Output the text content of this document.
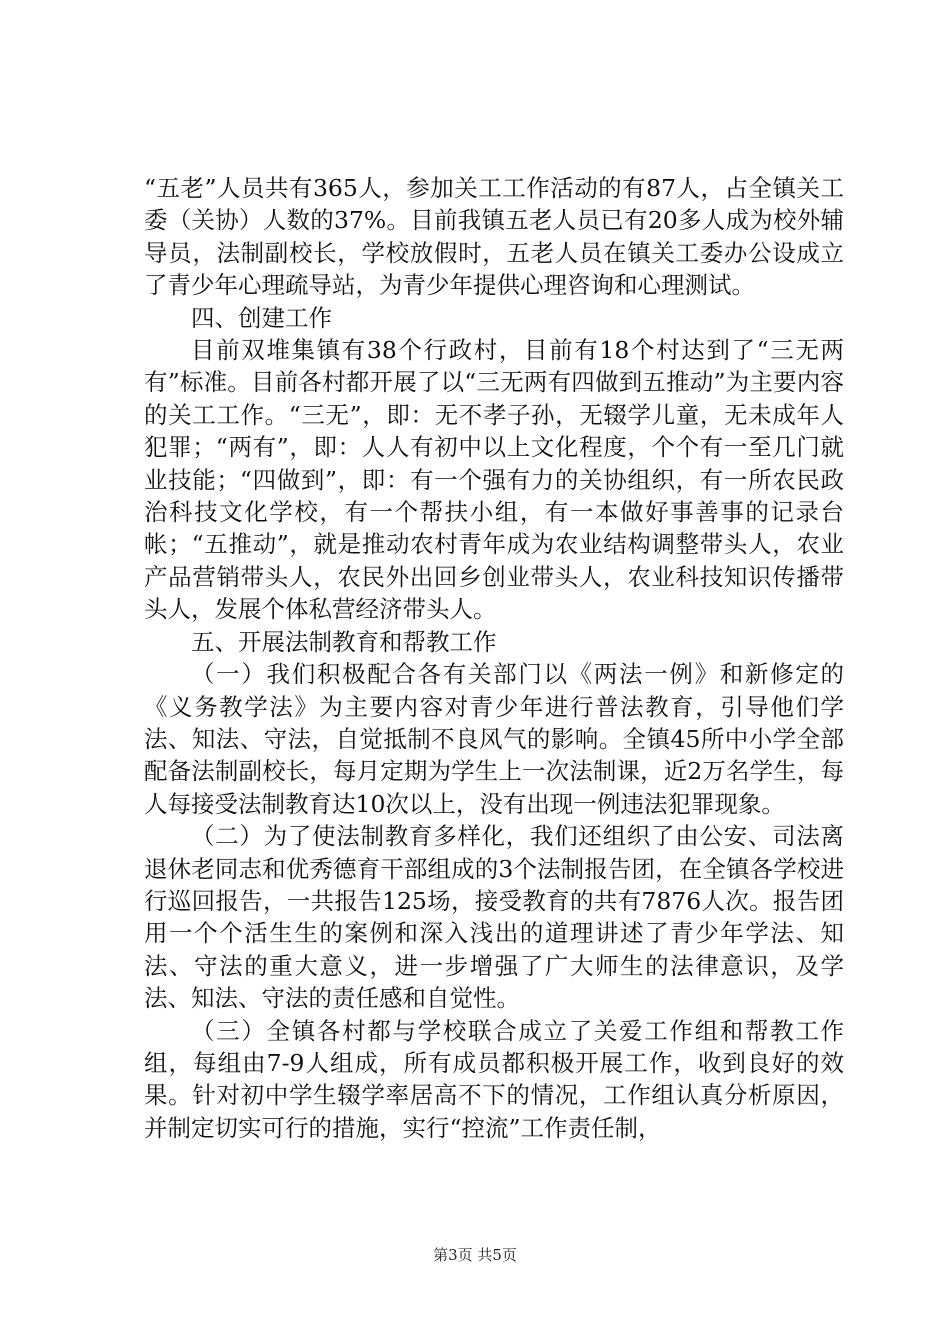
“五老”人员共有365人，参加关工工作活动的有87人，占全镇关工委（关协）人数的37%。目前我镇五老人员已有20多人成为校外辅导员，法制副校长，学校放假时，五老人员在镇关工委办公设成立了青少年心理疏导站，为青少年提供心理咨询和心理测试。

四、创建工作

目前双堆集镇有38个行政村，目前有18个村达到了“三无两有”标准。目前各村都开展了以“三无两有四做到五推动”为主要内容的关工工作。“三无”，即：无不孝子孙，无辍学儿童，无未成年人犯罪；“两有”，即：人人有初中以上文化程度，个个有一至几门就业技能；“四做到”，即：有一个强有力的关协组织，有一所农民政治科技文化学校，有一个帮扶小组，有一本做好事善事的记录台帐；“五推动”，就是推动农村青年成为农业结构调整带头人，农业产品营销带头人，农民外出回乡创业带头人，农业科技知识传播带头人，发展个体私营经济带头人。

五、开展法制教育和帮教工作

（一）我们积极配合各有关部门以《两法一例》和新修定的《义务教学法》为主要内容对青少年进行普法教育，引导他们学法、知法、守法，自觉抵制不良风气的影响。全镇45所中小学全部配备法制副校长，每月定期为学生上一次法制课，近2万名学生，每人每接受法制教育达10次以上，没有出现一例违法犯罪现象。

（二）为了使法制教育多样化，我们还组织了由公安、司法离退休老同志和优秀德育干部组成的3个法制报告团，在全镇各学校进行巡回报告，一共报告125场，接受教育的共有7876人次。报告团用一个个活生生的案例和深入浅出的道理讲述了青少年学法、知法、守法的重大意义，进一步增强了广大师生的法律意识，及学法、知法、守法的责任感和自觉性。

（三）全镇各村都与学校联合成立了关爱工作组和帮教工作组，每组由7-9人组成，所有成员都积极开展工作，收到良好的效果。针对初中学生辍学率居高不下的情况，工作组认真分析原因，并制定切实可行的措施，实行“控流”工作责任制，

第3页 共5页
